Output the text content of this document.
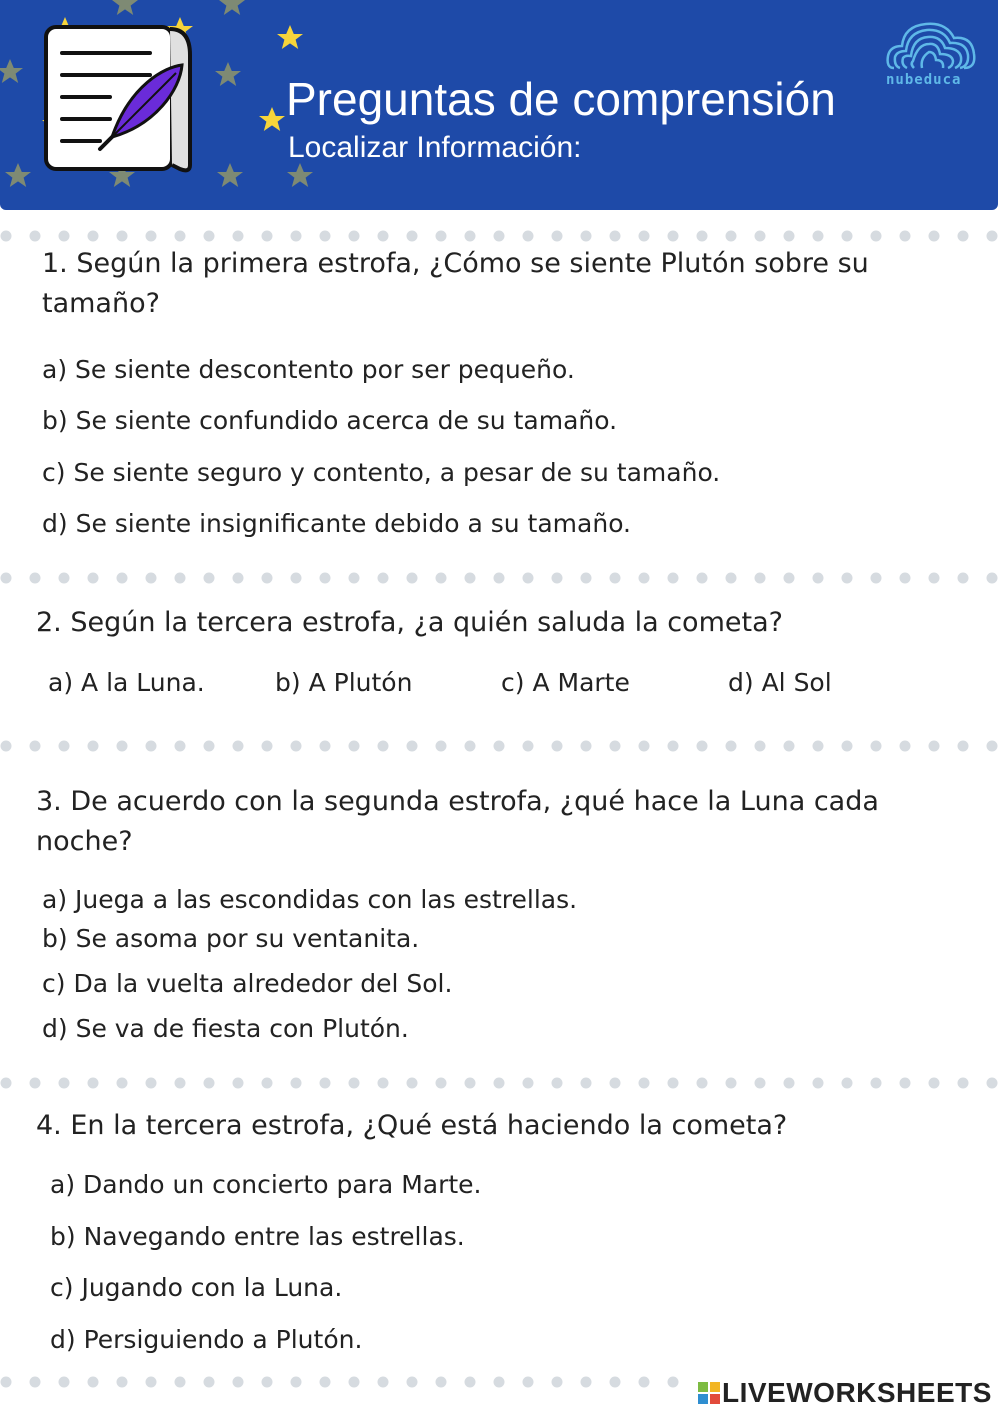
Preguntas de comprensión
Localizar Información:
nubeduca
1. Según la primera estrofa, ¿Cómo se siente Plutón sobre su tamaño?
a) Se siente descontento por ser pequeño.
b) Se siente confundido acerca de su tamaño.
c) Se siente seguro y contento, a pesar de su tamaño.
d) Se siente insignificante debido a su tamaño.
2. Según la tercera estrofa, ¿a quién saluda la cometa?
a) A la Luna.	b) A Plutón	c) A Marte	d) Al Sol
3. De acuerdo con la segunda estrofa, ¿qué hace la Luna cada noche?
a) Juega a las escondidas con las estrellas.
b) Se asoma por su ventanita.
c) Da la vuelta alrededor del Sol.
d) Se va de fiesta con Plutón.
4. En la tercera estrofa, ¿Qué está haciendo la cometa?
a) Dando un concierto para Marte.
b) Navegando entre las estrellas.
c) Jugando con la Luna.
d) Persiguiendo a Plutón.
LIVEWORKSHEETS
